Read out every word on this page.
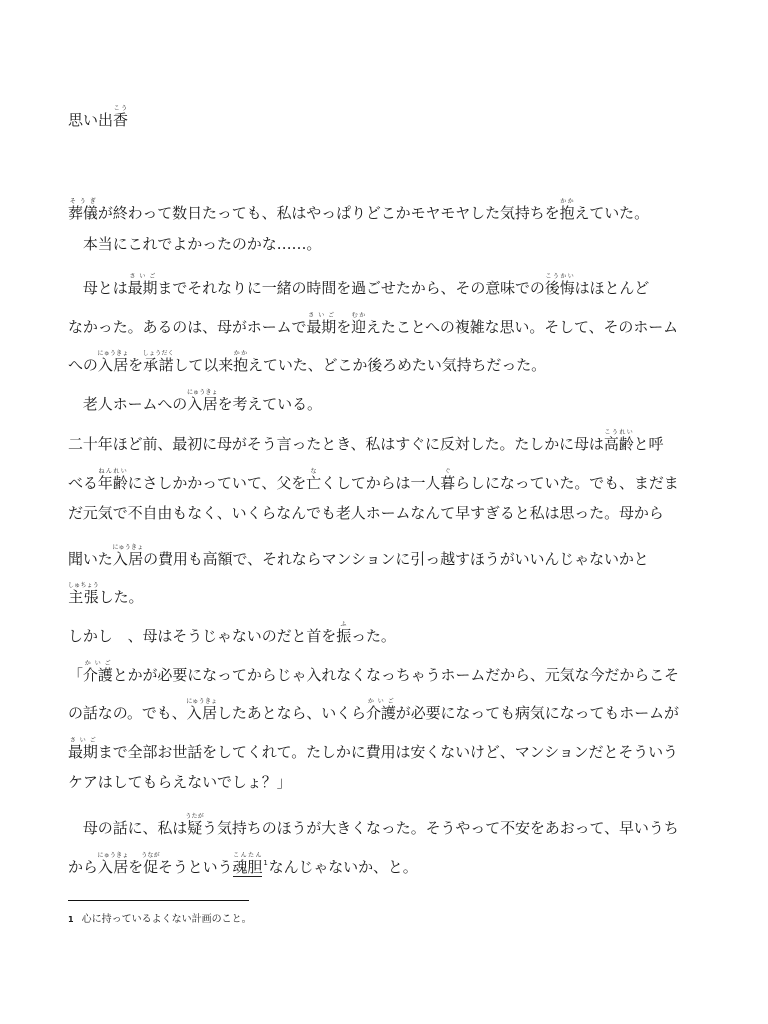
思い出香こう
葬儀そうぎが終わって数日たっても、私はやっぱりどこかモヤモヤした気持ちを抱かかえていた。
　本当にこれでよかったのかな……。
　母とは最期さいごまでそれなりに一緒の時間を過ごせたから、その意味での後悔こうかいはほとんど
なかった。あるのは、母がホームで最期さいごを迎むかえたことへの複雑な思い。そして、そのホーム
への入居にゅうきょを承諾しょうだくして以来抱かかえていた、どこか後ろめたい気持ちだった。
　老人ホームへの入居にゅうきょを考えている。
二十年ほど前、最初に母がそう言ったとき、私はすぐに反対した。たしかに母は高齢こうれいと呼
べる年齢ねんれいにさしかかっていて、父を亡なくしてからは一人暮ぐらしになっていた。でも、まだま
だ元気で不自由もなく、いくらなんでも老人ホームなんて早すぎると私は思った。母から
聞いた入居にゅうきょの費用も高額で、それならマンションに引っ越すほうがいいんじゃないかと
主張しゅちょうした。
しかし　、母はそうじゃないのだと首を振ふった。
「介護かいごとかが必要になってからじゃ入れなくなっちゃうホームだから、元気な今だからこそ
の話なの。でも、入居にゅうきょしたあとなら、いくら介護かいごが必要になっても病気になってもホームが
最期さいごまで全部お世話をしてくれて。たしかに費用は安くないけど、マンションだとそういう
ケアはしてもらえないでしょ？」
　母の話に、私は疑うたがう気持ちのほうが大きくなった。そうやって不安をあおって、早いうち
から入居にゅうきょを促うながそうという魂胆こんたん$^1$なんじゃないか、と。
1 心に持っているよくない計画のこと。
